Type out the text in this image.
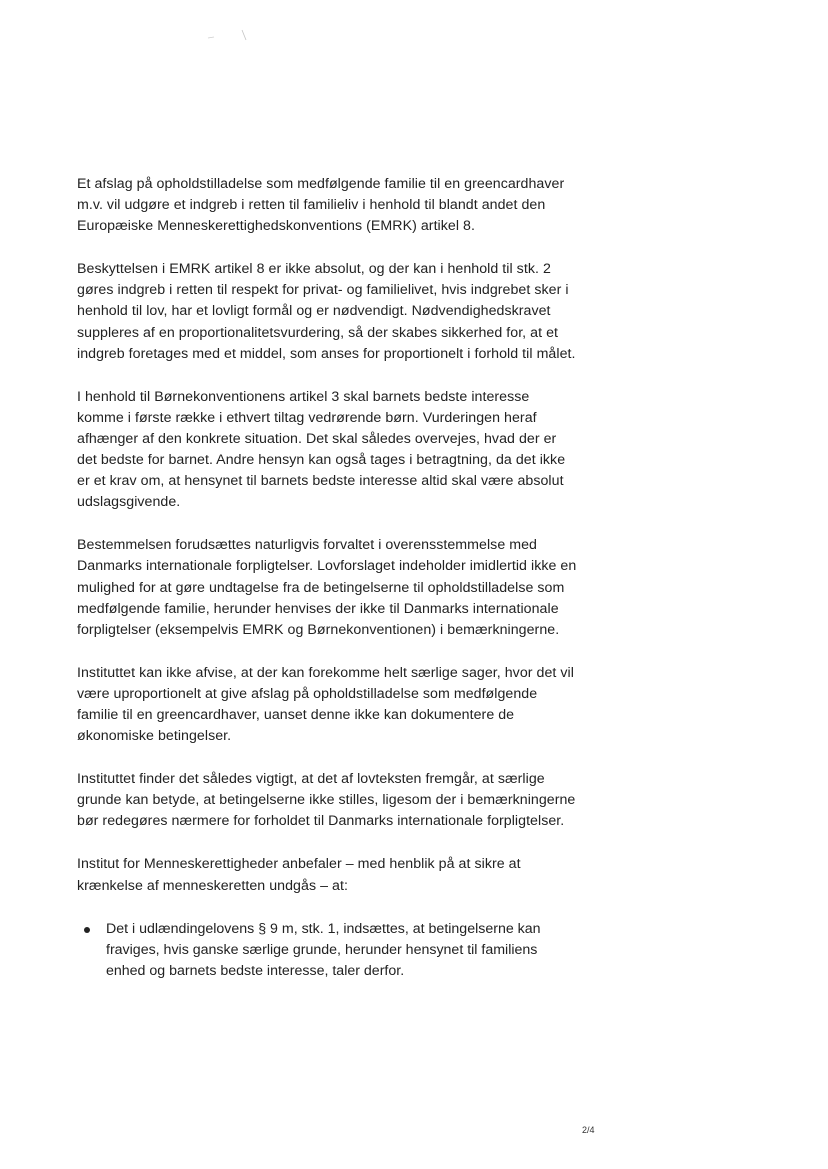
Et afslag på opholdstilladelse som medfølgende familie til en greencardhaver m.v. vil udgøre et indgreb i retten til familieliv i henhold til blandt andet den Europæiske Menneskerettighedskonventions (EMRK) artikel 8.

Beskyttelsen i EMRK artikel 8 er ikke absolut, og der kan i henhold til stk. 2 gøres indgreb i retten til respekt for privat- og familielivet, hvis indgrebet sker i henhold til lov, har et lovligt formål og er nødvendigt. Nødvendighedskravet suppleres af en proportionalitetsvurdering, så der skabes sikkerhed for, at et indgreb foretages med et middel, som anses for proportionelt i forhold til målet.

I henhold til Børnekonventionens artikel 3 skal barnets bedste interesse komme i første række i ethvert tiltag vedrørende børn. Vurderingen heraf afhænger af den konkrete situation. Det skal således overvejes, hvad der er det bedste for barnet. Andre hensyn kan også tages i betragtning, da det ikke er et krav om, at hensynet til barnets bedste interesse altid skal være absolut udslagsgivende.

Bestemmelsen forudsættes naturligvis forvaltet i overensstemmelse med Danmarks internationale forpligtelser. Lovforslaget indeholder imidlertid ikke en mulighed for at gøre undtagelse fra de betingelserne til opholdstilladelse som medfølgende familie, herunder henvises der ikke til Danmarks internationale forpligtelser (eksempelvis EMRK og Børnekonventionen) i bemærkningerne.

Instituttet kan ikke afvise, at der kan forekomme helt særlige sager, hvor det vil være uproportionelt at give afslag på opholdstilladelse som medfølgende familie til en greencardhaver, uanset denne ikke kan dokumentere de økonomiske betingelser.

Instituttet finder det således vigtigt, at det af lovteksten fremgår, at særlige grunde kan betyde, at betingelserne ikke stilles, ligesom der i bemærkningerne bør redegøres nærmere for forholdet til Danmarks internationale forpligtelser.

Institut for Menneskerettigheder anbefaler – med henblik på at sikre at krænkelse af menneskeretten undgås – at:

Det i udlændingelovens § 9 m, stk. 1, indsættes, at betingelserne kan fraviges, hvis ganske særlige grunde, herunder hensynet til familiens enhed og barnets bedste interesse, taler derfor.
2/4
